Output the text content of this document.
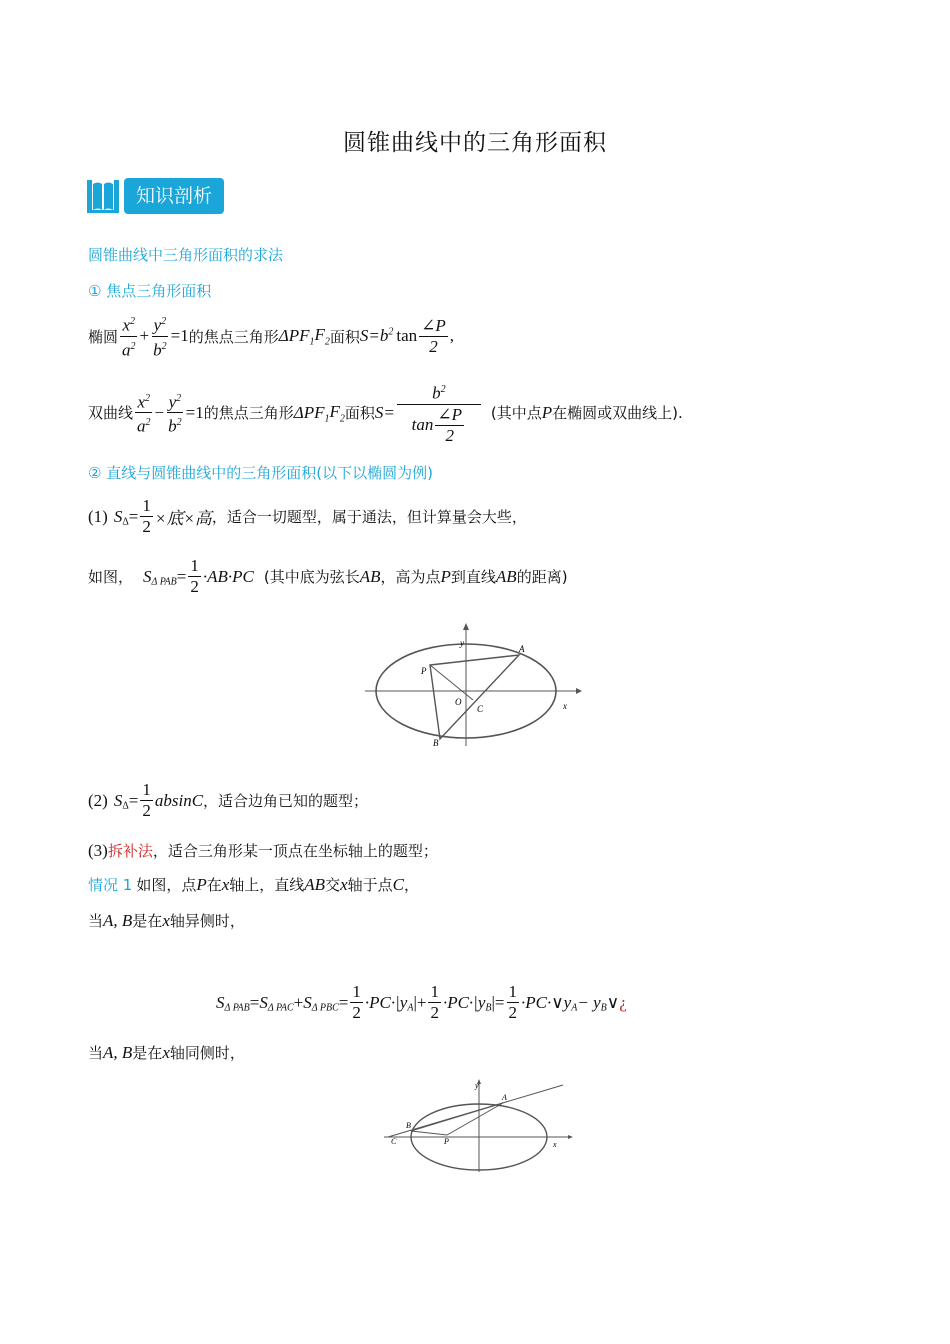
圆锥曲线中的三角形面积
知识剖析
圆锥曲线中三角形面积的求法
① 焦点三角形面积
椭圆 $\frac{x^2}{a^2} + \frac{y^2}{b^2} =1$ 的焦点三角形 ΔPF $_1F_2$ 面积 S=b $^2$ $\tan \frac{\angle P}{2}$ ,
双曲线 $\frac{x^2}{a^2} - \frac{y^2}{b^2} =1$ 的焦点三角形 ΔPF $_1F_2$ 面积 $S= \frac{b^2}{\tan \frac{\angle P}{2}}$ (其中点 P 在椭圆或双曲线上).
② 直线与圆锥曲线中的三角形面积(以下以椭圆为例)
(1) S $_\Delta = \frac{1}{2}$ ×底×高 ，适合一切题型，属于通法，但计算量会大些，
如图， S $_{\Delta PAB} = \frac{1}{2} \cdot AB\cdot PC$ (其中底为弦长 AB ，高为点 P 到直线 AB 的距离)
y
x
A
P
O
C
B
(2) S $_\Delta = \frac{1}{2}$ absinC ，适合边角已知的题型；
(3) 拆补法 ，适合三角形某一顶点在坐标轴上的题型；
情况 1 如图，点 P 在 x 轴上，直线 AB 交 x 轴于点 C ，
当 A, B 是在 x 轴异侧时，
S $_{\Delta PAB}$ = S $_{\Delta PAC}$ + S $_{\Delta PBC} = \frac{1}{2} \cdot PC\cdot|y$ $_A$ |+ $\frac{1}{2} \cdot PC\cdot|y$ $_B$ |= $\frac{1}{2}$ ·PC·∨y $_A$ − y $_B$ ∨ ¿
当 A, B 是在 x 轴同侧时，
y
x
A
B
C	P
